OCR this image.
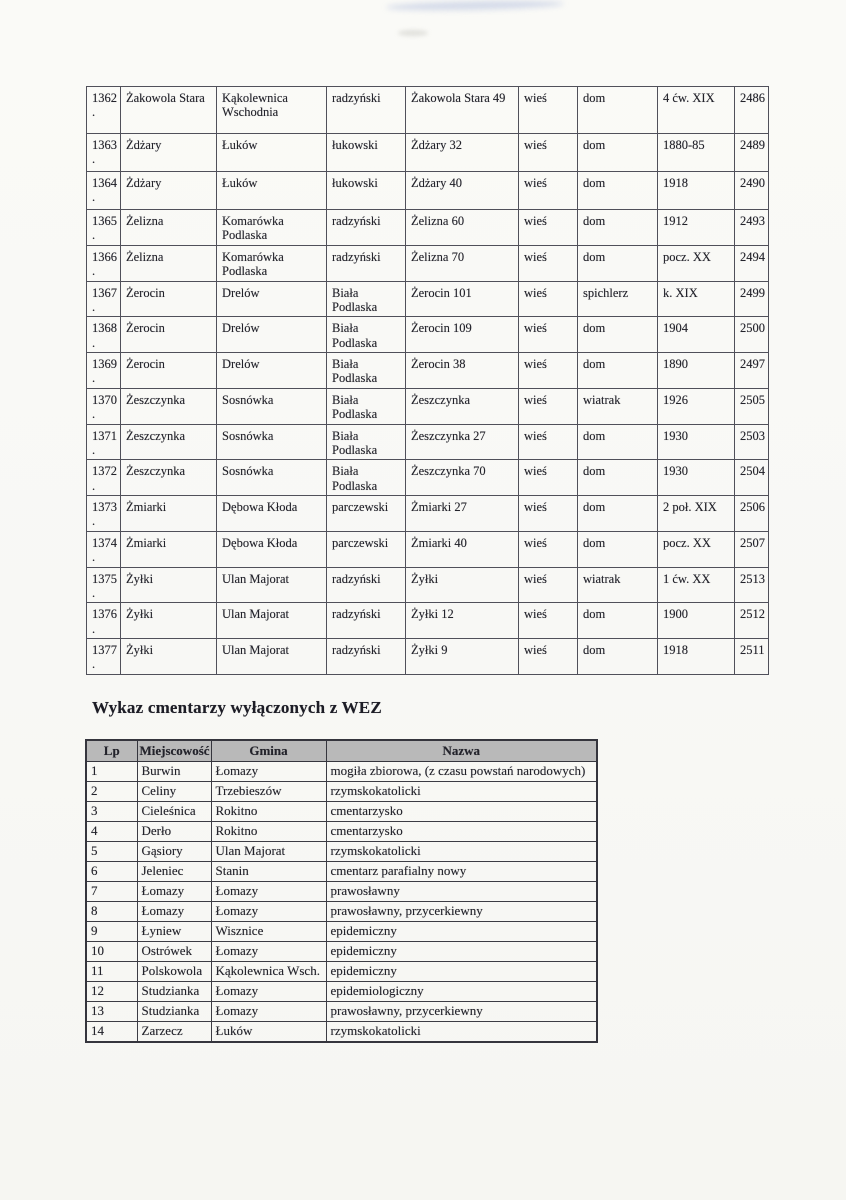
1362.	Żakowola Stara	Kąkolewnica Wschodnia	radzyński	Żakowola Stara 49	wieś	dom	4 ćw. XIX	2486
1363.	Żdżary	Łuków	łukowski	Żdżary 32	wieś	dom	1880-85	2489
1364.	Żdżary	Łuków	łukowski	Żdżary 40	wieś	dom	1918	2490
1365.	Żelizna	Komarówka Podlaska	radzyński	Żelizna 60	wieś	dom	1912	2493
1366.	Żelizna	Komarówka Podlaska	radzyński	Żelizna 70	wieś	dom	pocz. XX	2494
1367.	Żerocin	Drelów	Biała Podlaska	Żerocin 101	wieś	spichlerz	k. XIX	2499
1368.	Żerocin	Drelów	Biała Podlaska	Żerocin 109	wieś	dom	1904	2500
1369.	Żerocin	Drelów	Biała Podlaska	Żerocin 38	wieś	dom	1890	2497
1370.	Żeszczynka	Sosnówka	Biała Podlaska	Żeszczynka	wieś	wiatrak	1926	2505
1371.	Żeszczynka	Sosnówka	Biała Podlaska	Żeszczynka 27	wieś	dom	1930	2503
1372.	Żeszczynka	Sosnówka	Biała Podlaska	Żeszczynka 70	wieś	dom	1930	2504
1373.	Żmiarki	Dębowa Kłoda	parczewski	Żmiarki 27	wieś	dom	2 poł. XIX	2506
1374.	Żmiarki	Dębowa Kłoda	parczewski	Żmiarki 40	wieś	dom	pocz. XX	2507
1375.	Żyłki	Ulan Majorat	radzyński	Żyłki	wieś	wiatrak	1 ćw. XX	2513
1376.	Żyłki	Ulan Majorat	radzyński	Żyłki 12	wieś	dom	1900	2512
1377.	Żyłki	Ulan Majorat	radzyński	Żyłki 9	wieś	dom	1918	2511
Wykaz cmentarzy wyłączonych z WEZ
Lp	Miejscowość	Gmina	Nazwa
1	Burwin	Łomazy	mogiła zbiorowa, (z czasu powstań narodowych)
2	Celiny	Trzebieszów	rzymskokatolicki
3	Cieleśnica	Rokitno	cmentarzysko
4	Derło	Rokitno	cmentarzysko
5	Gąsiory	Ulan Majorat	rzymskokatolicki
6	Jeleniec	Stanin	cmentarz parafialny nowy
7	Łomazy	Łomazy	prawosławny
8	Łomazy	Łomazy	prawosławny, przycerkiewny
9	Łyniew	Wisznice	epidemiczny
10	Ostrówek	Łomazy	epidemiczny
11	Polskowola	Kąkolewnica Wsch.	epidemiczny
12	Studzianka	Łomazy	epidemiologiczny
13	Studzianka	Łomazy	prawosławny, przycerkiewny
14	Zarzecz	Łuków	rzymskokatolicki
